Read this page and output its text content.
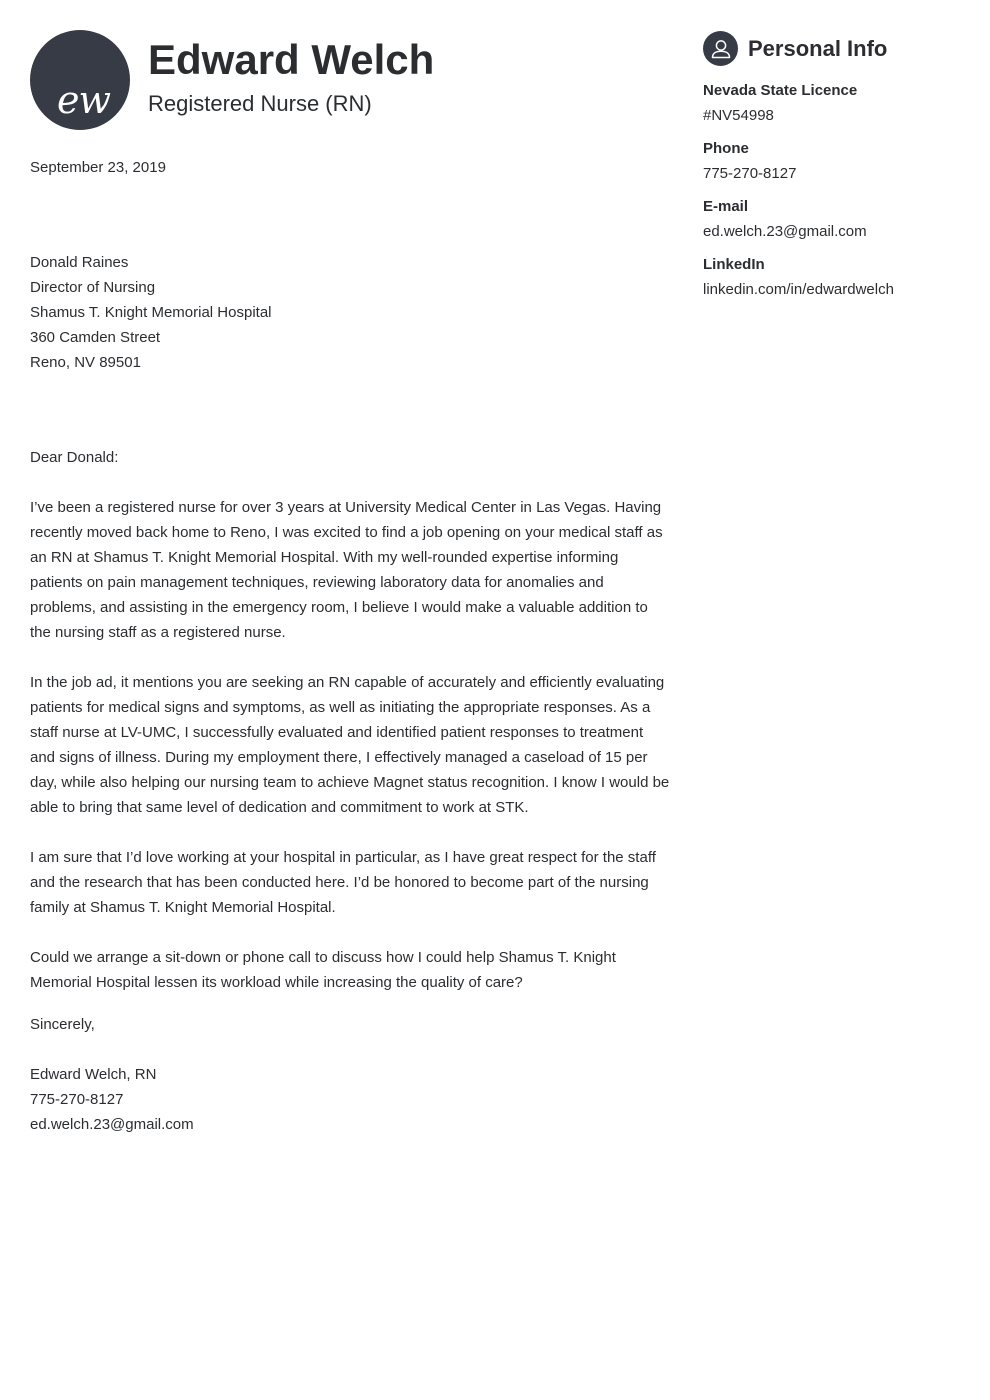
ew
Edward Welch
Registered Nurse (RN)

September 23, 2019

Donald Raines
Director of Nursing
Shamus T. Knight Memorial Hospital
360 Camden Street
Reno, NV 89501

Dear Donald:

I’ve been a registered nurse for over 3 years at University Medical Center in Las Vegas. Having recently moved back home to Reno, I was excited to find a job opening on your medical staff as an RN at Shamus T. Knight Memorial Hospital. With my well-rounded expertise informing patients on pain management techniques, reviewing laboratory data for anomalies and problems, and assisting in the emergency room, I believe I would make a valuable addition to the nursing staff as a registered nurse.

In the job ad, it mentions you are seeking an RN capable of accurately and efficiently evaluating patients for medical signs and symptoms, as well as initiating the appropriate responses. As a staff nurse at LV-UMC, I successfully evaluated and identified patient responses to treatment and signs of illness. During my employment there, I effectively managed a caseload of 15 per day, while also helping our nursing team to achieve Magnet status recognition. I know I would be able to bring that same level of dedication and commitment to work at STK.

I am sure that I’d love working at your hospital in particular, as I have great respect for the staff and the research that has been conducted here. I’d be honored to become part of the nursing family at Shamus T. Knight Memorial Hospital.

Could we arrange a sit-down or phone call to discuss how I could help Shamus T. Knight Memorial Hospital lessen its workload while increasing the quality of care?

Sincerely,

Edward Welch, RN
775-270-8127
ed.welch.23@gmail.com
Personal Info
Nevada State Licence
#NV54998
Phone
775-270-8127
E-mail
ed.welch.23@gmail.com
LinkedIn
linkedin.com/in/edwardwelch
